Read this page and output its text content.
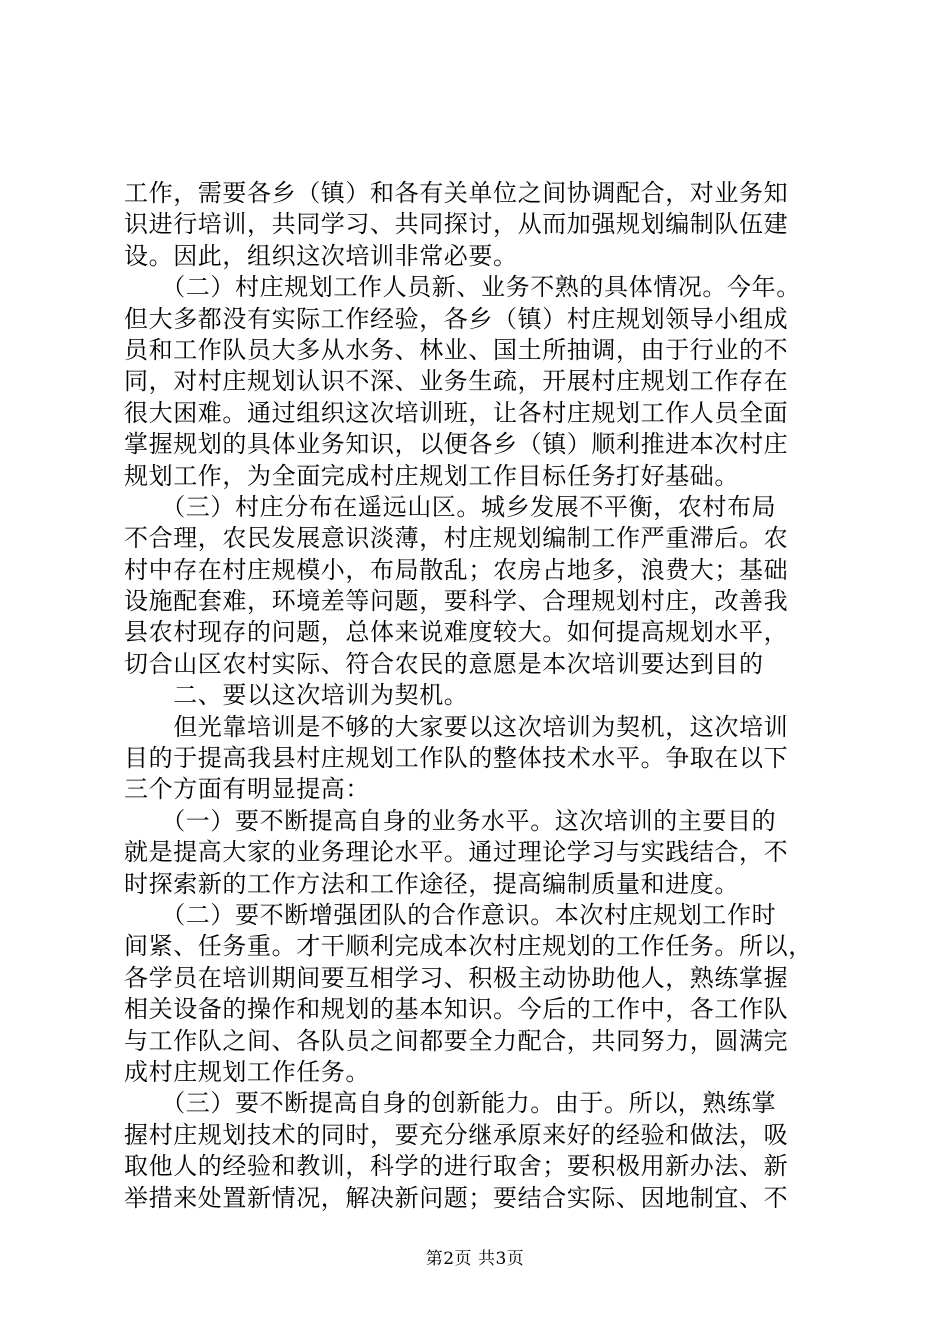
工作，需要各乡（镇）和各有关单位之间协调配合，对业务知
识进行培训，共同学习、共同探讨，从而加强规划编制队伍建
设。因此，组织这次培训非常必要。
　　（二）村庄规划工作人员新、业务不熟的具体情况。今年。
但大多都没有实际工作经验，各乡（镇）村庄规划领导小组成
员和工作队员大多从水务、林业、国土所抽调，由于行业的不
同，对村庄规划认识不深、业务生疏，开展村庄规划工作存在
很大困难。通过组织这次培训班，让各村庄规划工作人员全面
掌握规划的具体业务知识，以便各乡（镇）顺利推进本次村庄
规划工作，为全面完成村庄规划工作目标任务打好基础。
　　（三）村庄分布在遥远山区。城乡发展不平衡，农村布局
不合理，农民发展意识淡薄，村庄规划编制工作严重滞后。农
村中存在村庄规模小，布局散乱；农房占地多，浪费大；基础
设施配套难，环境差等问题，要科学、合理规划村庄，改善我
县农村现存的问题，总体来说难度较大。如何提高规划水平，
切合山区农村实际、符合农民的意愿是本次培训要达到目的
　　二、要以这次培训为契机。
　　但光靠培训是不够的大家要以这次培训为契机，这次培训
目的于提高我县村庄规划工作队的整体技术水平。争取在以下
三个方面有明显提高：
　　（一）要不断提高自身的业务水平。这次培训的主要目的
就是提高大家的业务理论水平。通过理论学习与实践结合，不
时探索新的工作方法和工作途径，提高编制质量和进度。
　　（二）要不断增强团队的合作意识。本次村庄规划工作时
间紧、任务重。才干顺利完成本次村庄规划的工作任务。所以，
各学员在培训期间要互相学习、积极主动协助他人，熟练掌握
相关设备的操作和规划的基本知识。今后的工作中，各工作队
与工作队之间、各队员之间都要全力配合，共同努力，圆满完
成村庄规划工作任务。
　　（三）要不断提高自身的创新能力。由于。所以，熟练掌
握村庄规划技术的同时，要充分继承原来好的经验和做法，吸
取他人的经验和教训，科学的进行取舍；要积极用新办法、新
举措来处置新情况，解决新问题；要结合实际、因地制宜、不
第2页 共3页
